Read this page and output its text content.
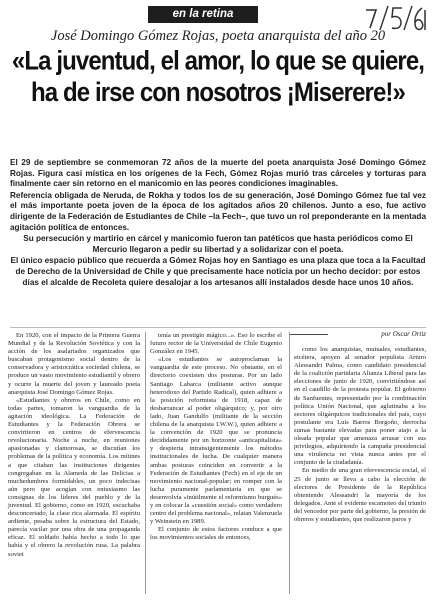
en la retina
José Domingo Gómez Rojas, poeta anarquista del año 20
«La juventud, el amor, lo que se quiere, ha de irse con nosotros ¡Miserere!»

El 29 de septiembre se conmemoran 72 años de la muerte del poeta anarquista José Domingo Gómez Rojas. Figura casi mística en los orígenes de la Fech, Gómez Rojas murió tras cárceles y torturas para finalmente caer sin retorno en el manicomio en las peores condiciones imaginables.

Referencia obligada de Neruda, de Rokha y todos los de su generación, José Domingo Gómez fue tal vez el más importante poeta joven de la época de los agitados años 20 chilenos. Junto a eso, fue activo dirigente de la Federación de Estudiantes de Chile –la Fech–, que tuvo un rol preponderante en la mentada agitación política de entonces.

Su persecución y martirio en cárcel y manicomio fueron tan patéticos que hasta periódicos como El Mercurio llegaron a pedir su libertad y a solidarizar con el poeta.

El único espacio público que recuerda a Gómez Rojas hoy en Santiago es una plaza que toca a la Facultad de Derecho de la Universidad de Chile y que precisamente hace noticia por un hecho decidor: por estos días el alcalde de Recoleta quiere desalojar a los artesanos allí instalados desde hace unos 10 años.

por Oscar Ortiz

En 1920, con el impacto de la Primera Guerra Mundial y de la Revolución Soviética y con la acción de los asalariados organizados que buscaban protagonismo social dentro de la conservadora y aristocrática sociedad chilena, se produce un vasto movimiento estudiantil y obrero y ocurre la muerte del joven y laureado poeta anarquista José Domingo Gómez Rojas.

«Estudiantes y obreros en Chile, como en todas partes, tomaron la vanguardia de la agitación ideológica. La Federación de Estudiantes y la Federación Obrera se convirtieron en centros de efervescencia revolucionaria. Noche a noche, en reuniones apasionadas y clamorosas, se discutían los problemas de la política y economía. Los mítines a que citaban las instituciones dirigentes congregaban en la Alameda de las Delicias a muchedumbres formidables, un poco indecisas aún pero que acogían con entusiasmo las consignas de los líderes del pueblo y de la juventud. El gobierno, como en 1920, escuchaba desconcertado, la clase rica alarmada. El espíritu ardiente, pesaba sobre la estructura del Estado, parecía vacilar por una obra de una propaganda eficaz. El soldado había hecho a todo lo que había y el obrero la revolución rusa. La palabra soviet

tenía un prestigio mágico...». Eso lo escribe el futuro rector de la Universidad de Chile Eugenio González en 1945.

«Los estudiantes se autoproclaman la vanguardia de este proceso. No obstante, en el directorio coexisten dos posturas. Por un lado Santiago Labarca (militante activo aunque heterodoxo del Partido Radical), quien adhiere a la posición reformista de 1918, capaz de desbarrancar al poder oligárquico; y, por otro lado, Juan Gandulfo (militante de la sección chilena de la anarquista I.W.W.), quien adhiere a la convención de 1920 que se pronuncia decididamente por un horizonte «anticapitalista» y despierta intransigentemente los métodos institucionales de lucha. De cualquier manera ambas posturas coinciden en convertir a la Federación de Estudiantes (Fech) en el eje de un movimiento nacional-popular; en romper con la lucha puramente parlamentaria en que se desenvolvía «inútilmente el reformismo burgués» y en colocar la «cuestión social» como verdadero centro del problema nacional», relatan Valenzuela y Weinstein en 1989.

El conjunto de estos factores conduce a que los movimientos sociales de entonces,

como los anarquistas, mutuales, estudiantes, etcétera, apoyen al senador populista Arturo Alessandri Palma, como candidato presidencial de la coalición partidaria Alianza Liberal para las elecciones de junio de 1920, convirtiéndose así en el caudillo de la protesta popular. El gobierno de Sanfuentes, representado por la combinación política Unión Nacional, que aglutinaba a los sectores oligárquicos tradicionales del país, cuyo postulante era Luis Barros Borgoño, derrocha sumas bastante elevadas para poner atajo a la oleada popular que amenaza arrasar con sus privilegios, adquiriendo la campaña presidencial una virulencia no vista nunca antes por el conjunto de la ciudadanía.

En medio de una gran efervescencia social, el 25 de junio se lleva a cabo la elección de electores de Presidente de la República obteniendo Alessandri la mayoría de los delegados. Ante el evidente escamoteo del triunfo del vencedor por parte del gobierno, la presión de obreros y estudiantes, que realizaron paros y
